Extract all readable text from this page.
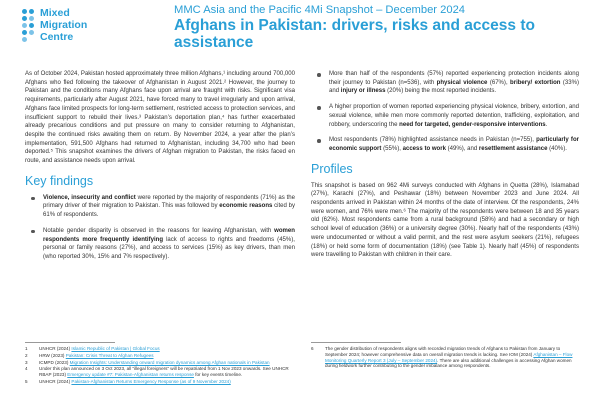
Mixed
Migration
Centre
MMC Asia and the Pacific 4Mi Snapshot – December 2024
Afghans in Pakistan: drivers, risks and access to assistance

As of October 2024, Pakistan hosted approximately three million Afghans,¹ including around 700,000 Afghans who fled following the takeover of Afghanistan in August 2021.² However, the journey to Pakistan and the conditions many Afghans face upon arrival are fraught with risks. Significant visa requirements, particularly after August 2021, have forced many to travel irregularly and upon arrival, Afghans face limited prospects for long-term settlement, restricted access to protection services, and insufficient support to rebuild their lives.³ Pakistan’s deportation plan,⁴ has further exacerbated already precarious conditions and put pressure on many to consider returning to Afghanistan, despite the continued risks awaiting them on return. By November 2024, a year after the plan’s implementation, 591,500 Afghans had returned to Afghanistan, including 34,700 who had been deported.⁵ This snapshot examines the drivers of Afghan migration to Pakistan, the risks faced en route, and assistance needs upon arrival.

Key findings
Violence, insecurity and conflict were reported by the majority of respondents (71%) as the primary driver of their migration to Pakistan. This was followed by economic reasons cited by 61% of respondents.
Notable gender disparity is observed in the reasons for leaving Afghanistan, with women respondents more frequently identifying lack of access to rights and freedoms (45%), personal or family reasons (27%), and access to services (15%) as key drivers, than men (who reported 30%, 15% and 7% respectively).
More than half of the respondents (57%) reported experiencing protection incidents along their journey to Pakistan (n=536), with physical violence (67%), bribery/ extortion (33%) and injury or illness (20%) being the most reported incidents.
A higher proportion of women reported experiencing physical violence, bribery, extortion, and sexual violence, while men more commonly reported detention, trafficking, exploitation, and robbery, underscoring the need for targeted, gender-responsive interventions.
Most respondents (78%) highlighted assistance needs in Pakistan (n=755), particularly for economic support (55%), access to work (49%), and resettlement assistance (40%).
Profiles

This snapshot is based on 962 4Mi surveys conducted with Afghans in Quetta (28%), Islamabad (27%), Karachi (27%), and Peshawar (18%) between November 2023 and June 2024. All respondents arrived in Pakistan within 24 months of the date of interview. Of the respondents, 24% were women, and 76% were men.⁶ The majority of the respondents were between 18 and 35 years old (62%). Most respondents came from a rural background (58%) and had a secondary or high school level of education (36%) or a university degree (30%). Nearly half of the respondents (43%) were undocumented or without a valid permit, and the rest were asylum seekers (21%), refugees (18%) or held some form of documentation (18%) (see Table 1). Nearly half (45%) of respondents were travelling to Pakistan with children in their care.

1 UNHCR (2024) Islamic Republic of Pakistan | Global Focus
2 HRW (2023) Pakistan: Crisis Threat to Afghan Refugees
3 ICMPD (2023) Migration Insights: Understanding onward migration dynamics among Afghan nationals in Pakistan
4 Under this plan announced on 3 Oct 2023, all “illegal foreigners” will be repatriated from 1 Nov 2023 onwards. See UNHCR RBAP (2023) Emergency update #7: Pakistan-Afghanistan returns response for key events timeline.
5 UNHCR (2024) Pakistan-Afghanistan Returns Emergency Response (as of 9 November 2024)
6 The gender distribution of respondents aligns with recorded migration trends of Afghans to Pakistan from January to September 2024; however comprehensive data on overall migration trends is lacking. See IOM (2024) Afghanistan – Flow Monitoring Quarterly Report 3 (July – September 2024). There are also additional challenges in accessing Afghan women during fieldwork further contributing to the gender imbalance among respondents.
